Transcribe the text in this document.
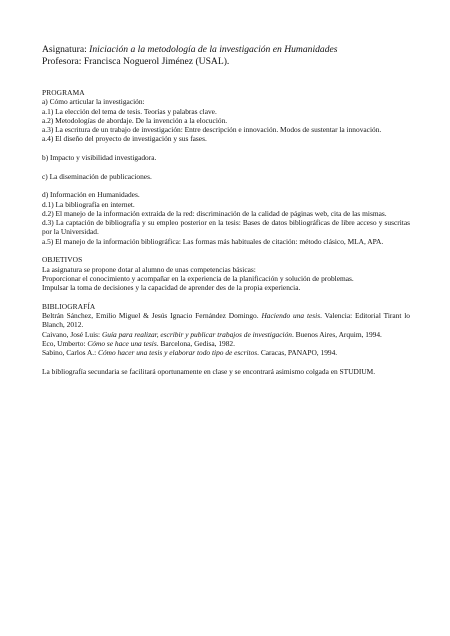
Asignatura: Iniciación a la metodología de la investigación en Humanidades
Profesora: Francisca Noguerol Jiménez (USAL).
PROGRAMA
a) Cómo articular la investigación:
a.1) La elección del tema de tesis. Teorías y palabras clave.
a.2) Metodologías de abordaje. De la invención a la elocución.
a.3) La escritura de un trabajo de investigación: Entre descripción e innovación. Modos de sustentar la innovación.
a.4) El diseño del proyecto de investigación y sus fases.
b) Impacto y visibilidad investigadora.
c) La diseminación de publicaciones.
d) Información en Humanidades.
d.1) La bibliografía en internet.
d.2) El manejo de la información extraída de la red: discriminación de la calidad de páginas web, cita de las mismas.
d.3) La captación de bibliografía y su empleo posterior en la tesis: Bases de datos bibliográficas de libre acceso y suscritas por la Universidad.
a.5) El manejo de la información bibliográfica: Las formas más habituales de citación: método clásico, MLA, APA.
OBJETIVOS
La asignatura se propone dotar al alumno de unas competencias básicas:
Proporcionar el conocimiento y acompañar en la experiencia de la planificación y solución de problemas.
Impulsar la toma de decisiones y la capacidad de aprender des de la propia experiencia.
BIBLIOGRAFÍA
Beltrán Sánchez, Emilio Miguel & Jesús Ignacio Fernández Domingo. Haciendo una tesis. Valencia: Editorial Tirant lo Blanch, 2012.
Caivano, José Luis: Guía para realizar, escribir y publicar trabajos de investigación. Buenos Aires, Arquim, 1994.
Eco, Umberto: Cómo se hace una tesis. Barcelona, Gedisa, 1982.
Sabino, Carlos A.: Cómo hacer una tesis y elaborar todo tipo de escritos. Caracas, PANAPO, 1994.
La bibliografía secundaria se facilitará oportunamente en clase y se encontrará asimismo colgada en STUDIUM.
